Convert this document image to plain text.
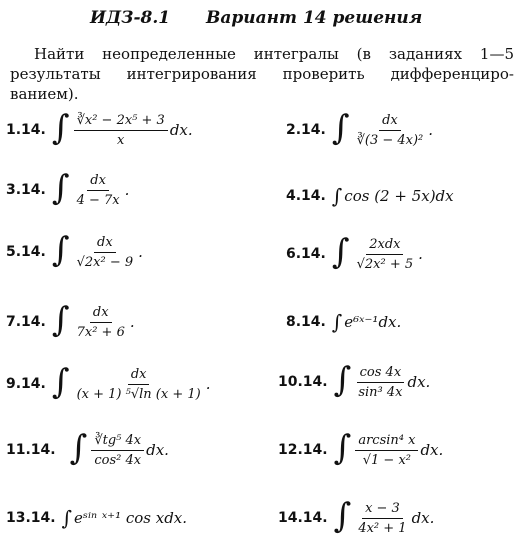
ИДЗ-8.1 Вариант 14 решения
Найти неопределенные интегралы (в заданиях 1—5
результаты интегрирования проверить дифференциро-
ванием).
1.14. ∫ $\frac{\text{∛x² − 2x⁵ + 3}}{x}$ dx.	2.14. ∫ $\frac{dx}{\text{∛(3 − 4x)²}}$ .
3.14. ∫ $\frac{dx}{4 - 7x}$ .	4.14. ∫ cos (2 + 5x)dx
5.14. ∫ $\frac{dx}{\text{√2x² − 9}}$ .	6.14. ∫ $\frac{\text{2xdx}}{\text{√2x² + 5}}$ .
7.14. ∫ $\frac{dx}{\text{7x² + 6}}$ .	8.14. ∫ e⁶ˣ⁻¹dx.
9.14. ∫ $\frac{dx}{\text{(x + 1) ⁵√ln (x + 1)}}$ .	10.14. ∫ $\frac{\cos 4x}{\text{sin³ 4x}}$ dx.
11.14. ∫ $\frac{\text{∛tg⁵ 4x}}{\text{cos² 4x}}$ dx.	12.14. ∫ $\frac{\text{arcsin⁴ x}}{\text{√1 − x²}}$ dx.
13.14. ∫ eˢⁱⁿ ˣ⁺¹ cos xdx.	14.14. ∫ $\frac{x - 3}{\text{4x² + 1}}$ dx.
